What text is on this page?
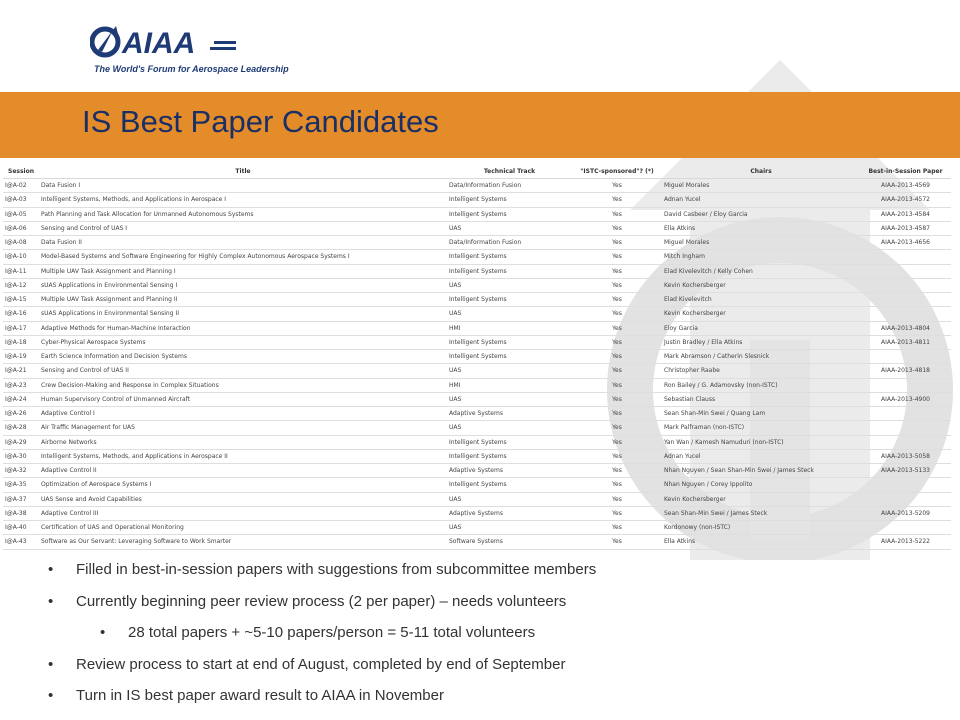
AIAA
The World's Forum for Aerospace Leadership
IS Best Paper Candidates
Session	Title	Technical Track	"ISTC-sponsored"? (*)	Chairs	Best-in-Session Paper
I@A-02	Data Fusion I	Data/Information Fusion	Yes	Miguel Morales	AIAA-2013-4569
I@A-03	Intelligent Systems, Methods, and Applications in Aerospace I	Intelligent Systems	Yes	Adnan Yucel	AIAA-2013-4572
I@A-05	Path Planning and Task Allocation for Unmanned Autonomous Systems	Intelligent Systems	Yes	David Casbeer / Eloy Garcia	AIAA-2013-4584
I@A-06	Sensing and Control of UAS I	UAS	Yes	Ella Atkins	AIAA-2013-4587
I@A-08	Data Fusion II	Data/Information Fusion	Yes	Miguel Morales	AIAA-2013-4656
I@A-10	Model-Based Systems and Software Engineering for Highly Complex Autonomous Aerospace Systems I	Intelligent Systems	Yes	Mitch Ingham	
I@A-11	Multiple UAV Task Assignment and Planning I	Intelligent Systems	Yes	Elad Kivelevitch / Kelly Cohen	
I@A-12	sUAS Applications in Environmental Sensing I	UAS	Yes	Kevin Kochersberger	
I@A-15	Multiple UAV Task Assignment and Planning II	Intelligent Systems	Yes	Elad Kivelevitch	
I@A-16	sUAS Applications in Environmental Sensing II	UAS	Yes	Kevin Kochersberger	
I@A-17	Adaptive Methods for Human-Machine Interaction	HMI	Yes	Eloy Garcia	AIAA-2013-4804
I@A-18	Cyber-Physical Aerospace Systems	Intelligent Systems	Yes	Justin Bradley / Ella Atkins	AIAA-2013-4811
I@A-19	Earth Science Information and Decision Systems	Intelligent Systems	Yes	Mark Abramson / Catherin Slesnick	
I@A-21	Sensing and Control of UAS II	UAS	Yes	Christopher Raabe	AIAA-2013-4818
I@A-23	Crew Decision-Making and Response in Complex Situations	HMI	Yes	Ron Bailey / G. Adamovsky (non-ISTC)	
I@A-24	Human Supervisory Control of Unmanned Aircraft	UAS	Yes	Sebastian Clauss	AIAA-2013-4900
I@A-26	Adaptive Control I	Adaptive Systems	Yes	Sean Shan-Min Swei / Quang Lam	
I@A-28	Air Traffic Management for UAS	UAS	Yes	Mark Palframan (non-ISTC)	
I@A-29	Airborne Networks	Intelligent Systems	Yes	Yan Wan / Kamesh Namuduri (non-ISTC)	
I@A-30	Intelligent Systems, Methods, and Applications in Aerospace II	Intelligent Systems	Yes	Adnan Yucel	AIAA-2013-5058
I@A-32	Adaptive Control II	Adaptive Systems	Yes	Nhan Nguyen / Sean Shan-Min Swei / James Steck	AIAA-2013-5133
I@A-35	Optimization of Aerospace Systems I	Intelligent Systems	Yes	Nhan Nguyen / Corey Ippolito	
I@A-37	UAS Sense and Avoid Capabilities	UAS	Yes	Kevin Kochersberger	
I@A-38	Adaptive Control III	Adaptive Systems	Yes	Sean Shan-Min Swei / James Steck	AIAA-2013-5209
I@A-40	Certification of UAS and Operational Monitoring	UAS	Yes	Kordonowy (non-ISTC)	
I@A-43	Software as Our Servant: Leveraging Software to Work Smarter	Software Systems	Yes	Ella Atkins	AIAA-2013-5222
• Filled in best-in-session papers with suggestions from subcommittee members
• Currently beginning peer review process (2 per paper) – needs volunteers
• 28 total papers + ~5-10 papers/person = 5-11 total volunteers
• Review process to start at end of August, completed by end of September
• Turn in IS best paper award result to AIAA in November
